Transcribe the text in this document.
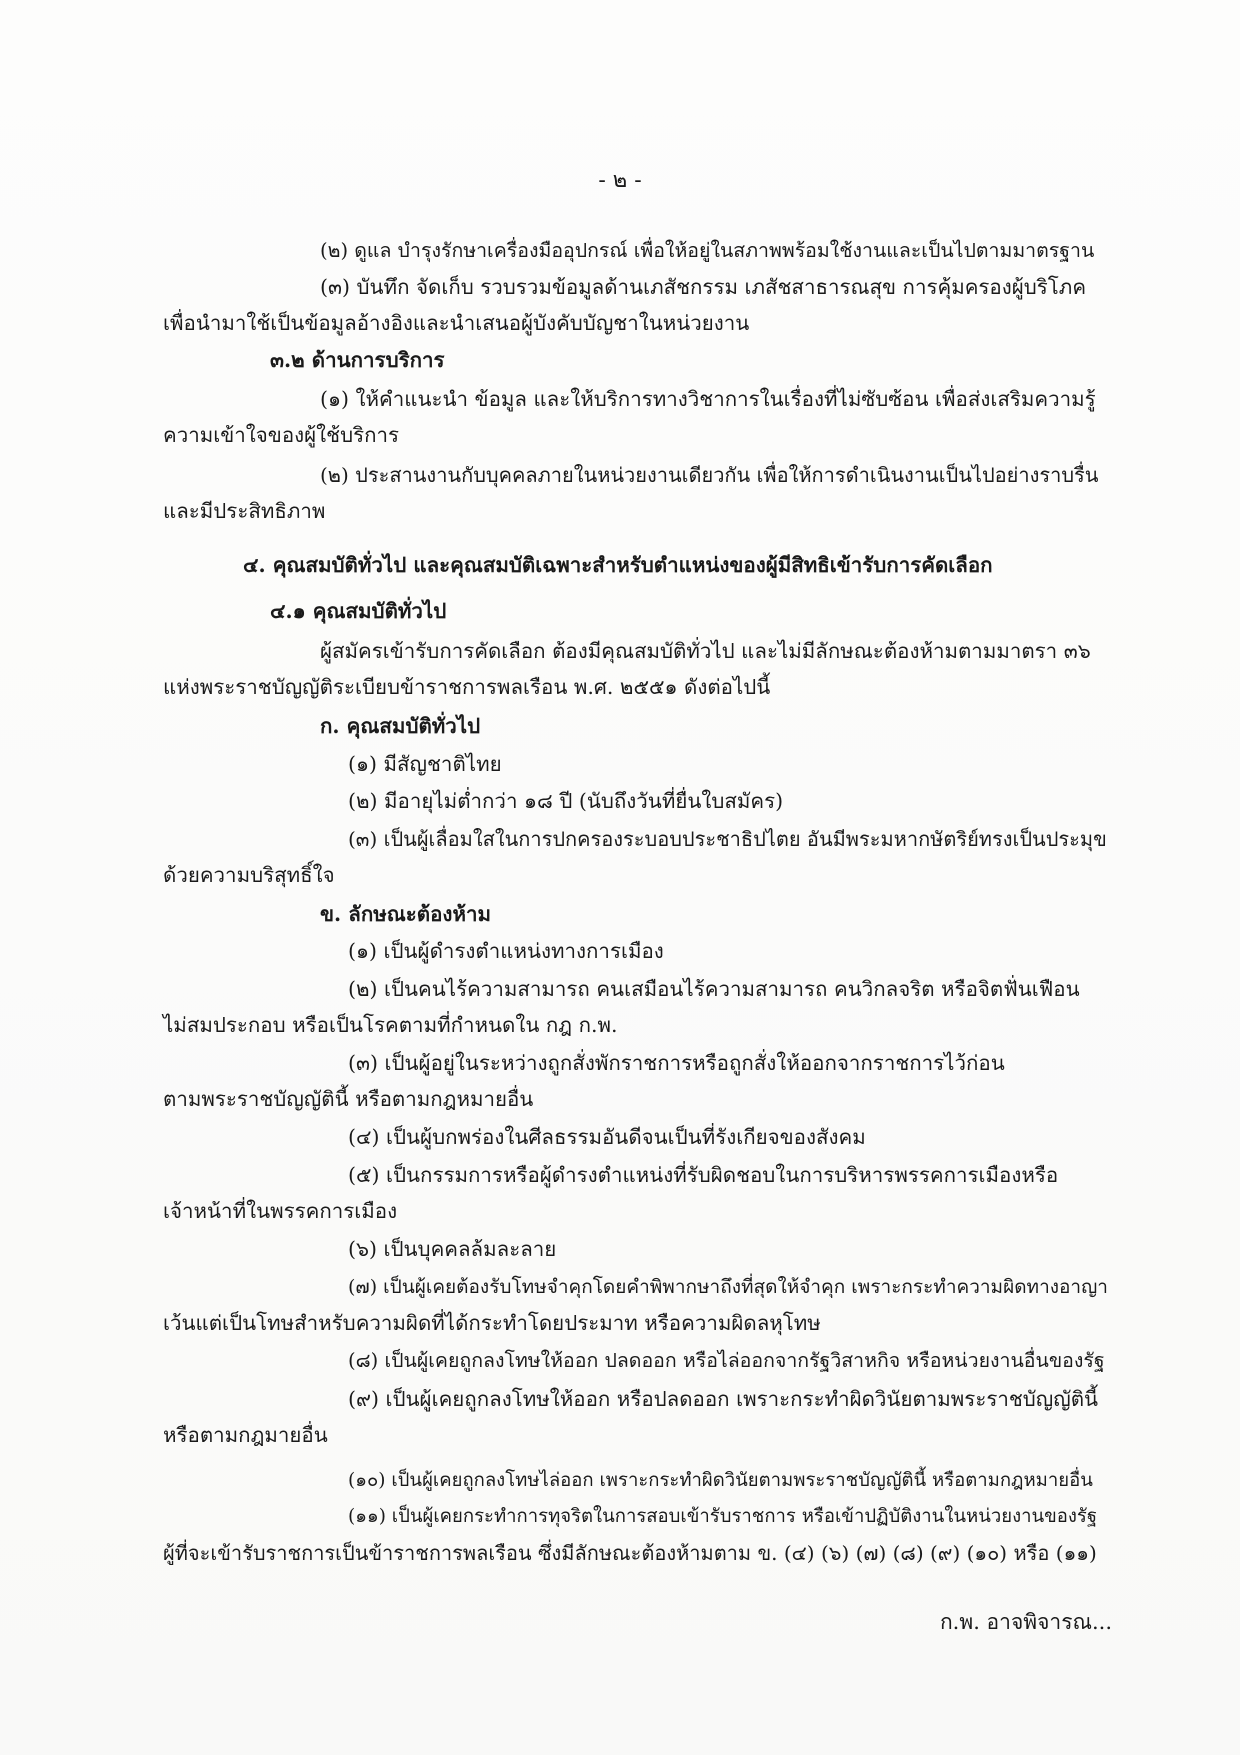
- ๒ -
(๒) ดูแล บำรุงรักษาเครื่องมืออุปกรณ์ เพื่อให้อยู่ในสภาพพร้อมใช้งานและเป็นไปตามมาตรฐาน
(๓) บันทึก จัดเก็บ รวบรวมข้อมูลด้านเภสัชกรรม เภสัชสาธารณสุข การคุ้มครองผู้บริโภค
เพื่อนำมาใช้เป็นข้อมูลอ้างอิงและนำเสนอผู้บังคับบัญชาในหน่วยงาน
๓.๒ ด้านการบริการ
(๑) ให้คำแนะนำ ข้อมูล และให้บริการทางวิชาการในเรื่องที่ไม่ซับซ้อน เพื่อส่งเสริมความรู้
ความเข้าใจของผู้ใช้บริการ
(๒) ประสานงานกับบุคคลภายในหน่วยงานเดียวกัน เพื่อให้การดำเนินงานเป็นไปอย่างราบรื่น
และมีประสิทธิภาพ
๔. คุณสมบัติทั่วไป และคุณสมบัติเฉพาะสำหรับตำแหน่งของผู้มีสิทธิเข้ารับการคัดเลือก
๔.๑ คุณสมบัติทั่วไป
ผู้สมัครเข้ารับการคัดเลือก ต้องมีคุณสมบัติทั่วไป และไม่มีลักษณะต้องห้ามตามมาตรา ๓๖
แห่งพระราชบัญญัติระเบียบข้าราชการพลเรือน พ.ศ. ๒๕๕๑ ดังต่อไปนี้
ก. คุณสมบัติทั่วไป
(๑) มีสัญชาติไทย
(๒) มีอายุไม่ต่ำกว่า ๑๘ ปี (นับถึงวันที่ยื่นใบสมัคร)
(๓) เป็นผู้เลื่อมใสในการปกครองระบอบประชาธิปไตย อันมีพระมหากษัตริย์ทรงเป็นประมุข
ด้วยความบริสุทธิ์ใจ
ข. ลักษณะต้องห้าม
(๑) เป็นผู้ดำรงตำแหน่งทางการเมือง
(๒) เป็นคนไร้ความสามารถ คนเสมือนไร้ความสามารถ คนวิกลจริต หรือจิตฟั่นเฟือน
ไม่สมประกอบ หรือเป็นโรคตามที่กำหนดใน กฎ ก.พ.
(๓) เป็นผู้อยู่ในระหว่างถูกสั่งพักราชการหรือถูกสั่งให้ออกจากราชการไว้ก่อน
ตามพระราชบัญญัตินี้ หรือตามกฎหมายอื่น
(๔) เป็นผู้บกพร่องในศีลธรรมอันดีจนเป็นที่รังเกียจของสังคม
(๕) เป็นกรรมการหรือผู้ดำรงตำแหน่งที่รับผิดชอบในการบริหารพรรคการเมืองหรือ
เจ้าหน้าที่ในพรรคการเมือง
(๖) เป็นบุคคลล้มละลาย
(๗) เป็นผู้เคยต้องรับโทษจำคุกโดยคำพิพากษาถึงที่สุดให้จำคุก เพราะกระทำความผิดทางอาญา
เว้นแต่เป็นโทษสำหรับความผิดที่ได้กระทำโดยประมาท หรือความผิดลหุโทษ
(๘) เป็นผู้เคยถูกลงโทษให้ออก ปลดออก หรือไล่ออกจากรัฐวิสาหกิจ หรือหน่วยงานอื่นของรัฐ
(๙) เป็นผู้เคยถูกลงโทษให้ออก หรือปลดออก เพราะกระทำผิดวินัยตามพระราชบัญญัตินี้
หรือตามกฎมายอื่น
(๑๐) เป็นผู้เคยถูกลงโทษไล่ออก เพราะกระทำผิดวินัยตามพระราชบัญญัตินี้ หรือตามกฎหมายอื่น
(๑๑) เป็นผู้เคยกระทำการทุจริตในการสอบเข้ารับราชการ หรือเข้าปฏิบัติงานในหน่วยงานของรัฐ
ผู้ที่จะเข้ารับราชการเป็นข้าราชการพลเรือน ซึ่งมีลักษณะต้องห้ามตาม ข. (๔) (๖) (๗) (๘) (๙) (๑๐) หรือ (๑๑)
ก.พ. อาจพิจารณ...
